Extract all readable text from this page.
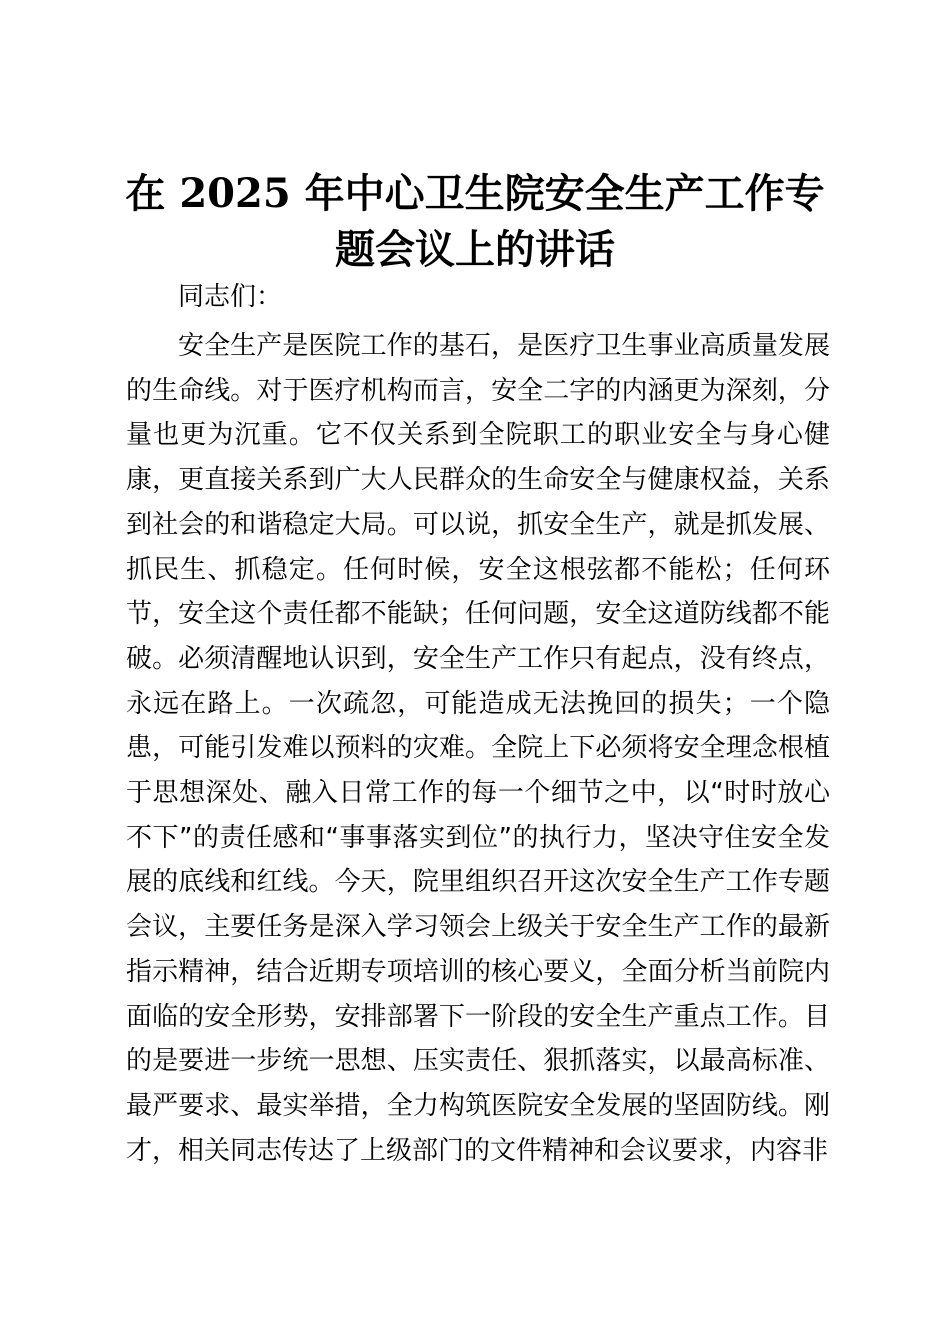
在 2025 年中心卫生院安全生产工作专题会议上的讲话

同志们：

安全生产是医院工作的基石，是医疗卫生事业高质量发展的生命线。对于医疗机构而言，安全二字的内涵更为深刻，分量也更为沉重。它不仅关系到全院职工的职业安全与身心健康，更直接关系到广大人民群众的生命安全与健康权益，关系到社会的和谐稳定大局。可以说，抓安全生产，就是抓发展、抓民生、抓稳定。任何时候，安全这根弦都不能松；任何环节，安全这个责任都不能缺；任何问题，安全这道防线都不能破。必须清醒地认识到，安全生产工作只有起点，没有终点，永远在路上。一次疏忽，可能造成无法挽回的损失；一个隐患，可能引发难以预料的灾难。全院上下必须将安全理念根植于思想深处、融入日常工作的每一个细节之中，以“时时放心不下”的责任感和“事事落实到位”的执行力，坚决守住安全发展的底线和红线。今天，院里组织召开这次安全生产工作专题会议，主要任务是深入学习领会上级关于安全生产工作的最新指示精神，结合近期专项培训的核心要义，全面分析当前院内面临的安全形势，安排部署下一阶段的安全生产重点工作。目的是要进一步统一思想、压实责任、狠抓落实，以最高标准、最严要求、最实举措，全力构筑医院安全发展的坚固防线。刚才，相关同志传达了上级部门的文件精神和会议要求，内容非
